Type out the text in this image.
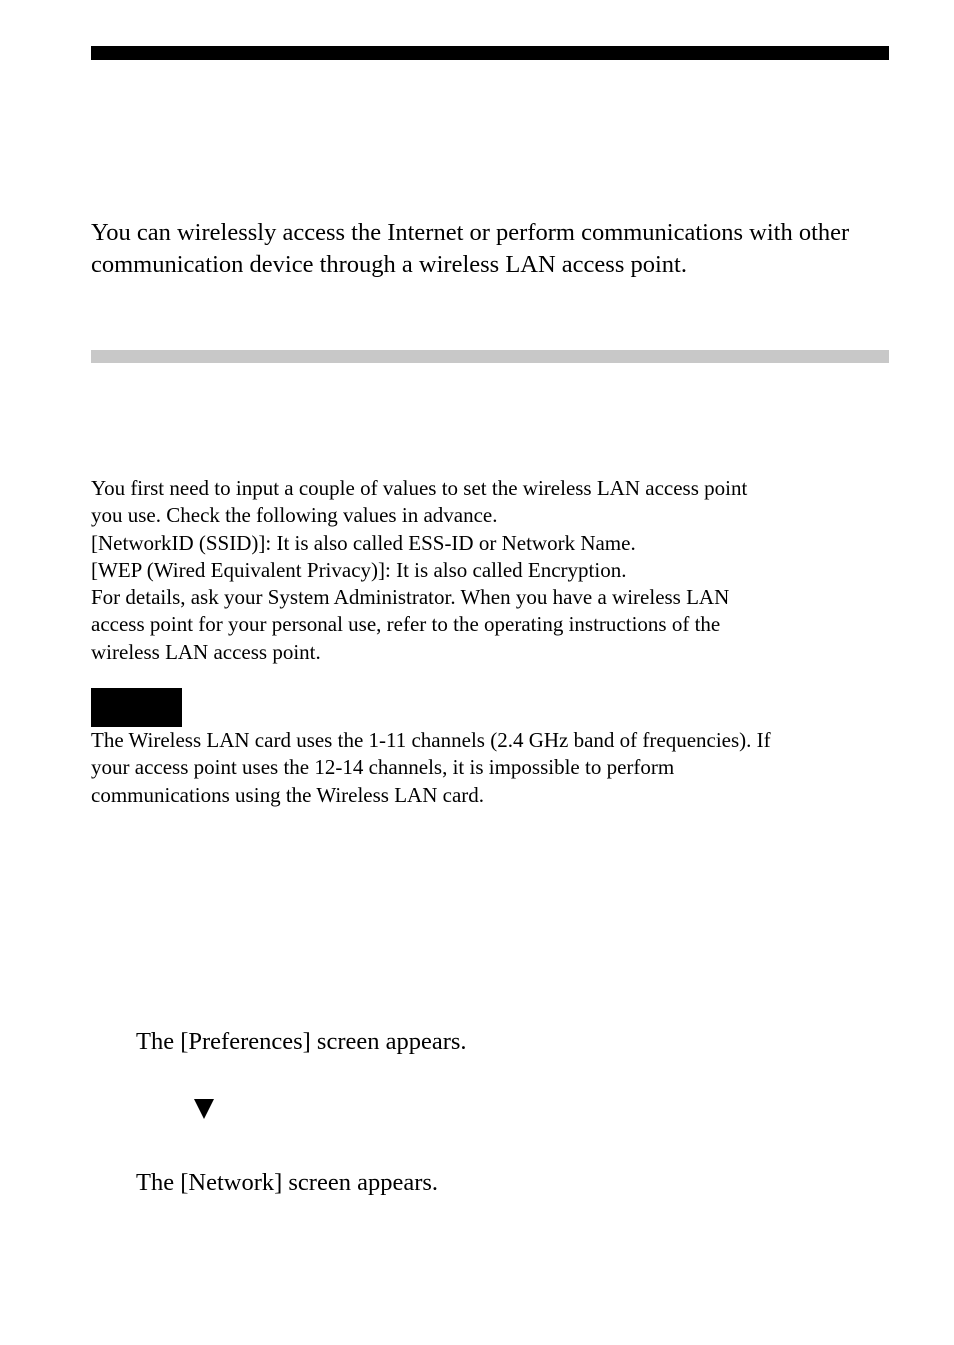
You can wirelessly access the Internet or perform communications with other communication device through a wireless LAN access point.

You first need to input a couple of values to set the wireless LAN access point
you use. Check the following values in advance.
[NetworkID (SSID)]: It is also called ESS-ID or Network Name.
[WEP (Wired Equivalent Privacy)]: It is also called Encryption.
For details, ask your System Administrator. When you have a wireless LAN
access point for your personal use, refer to the operating instructions of the
wireless LAN access point.
The Wireless LAN card uses the 1-11 channels (2.4 GHz band of frequencies). If
your access point uses the 12-14 channels, it is impossible to perform
communications using the Wireless LAN card.

The [Preferences] screen appears.

The [Network] screen appears.
